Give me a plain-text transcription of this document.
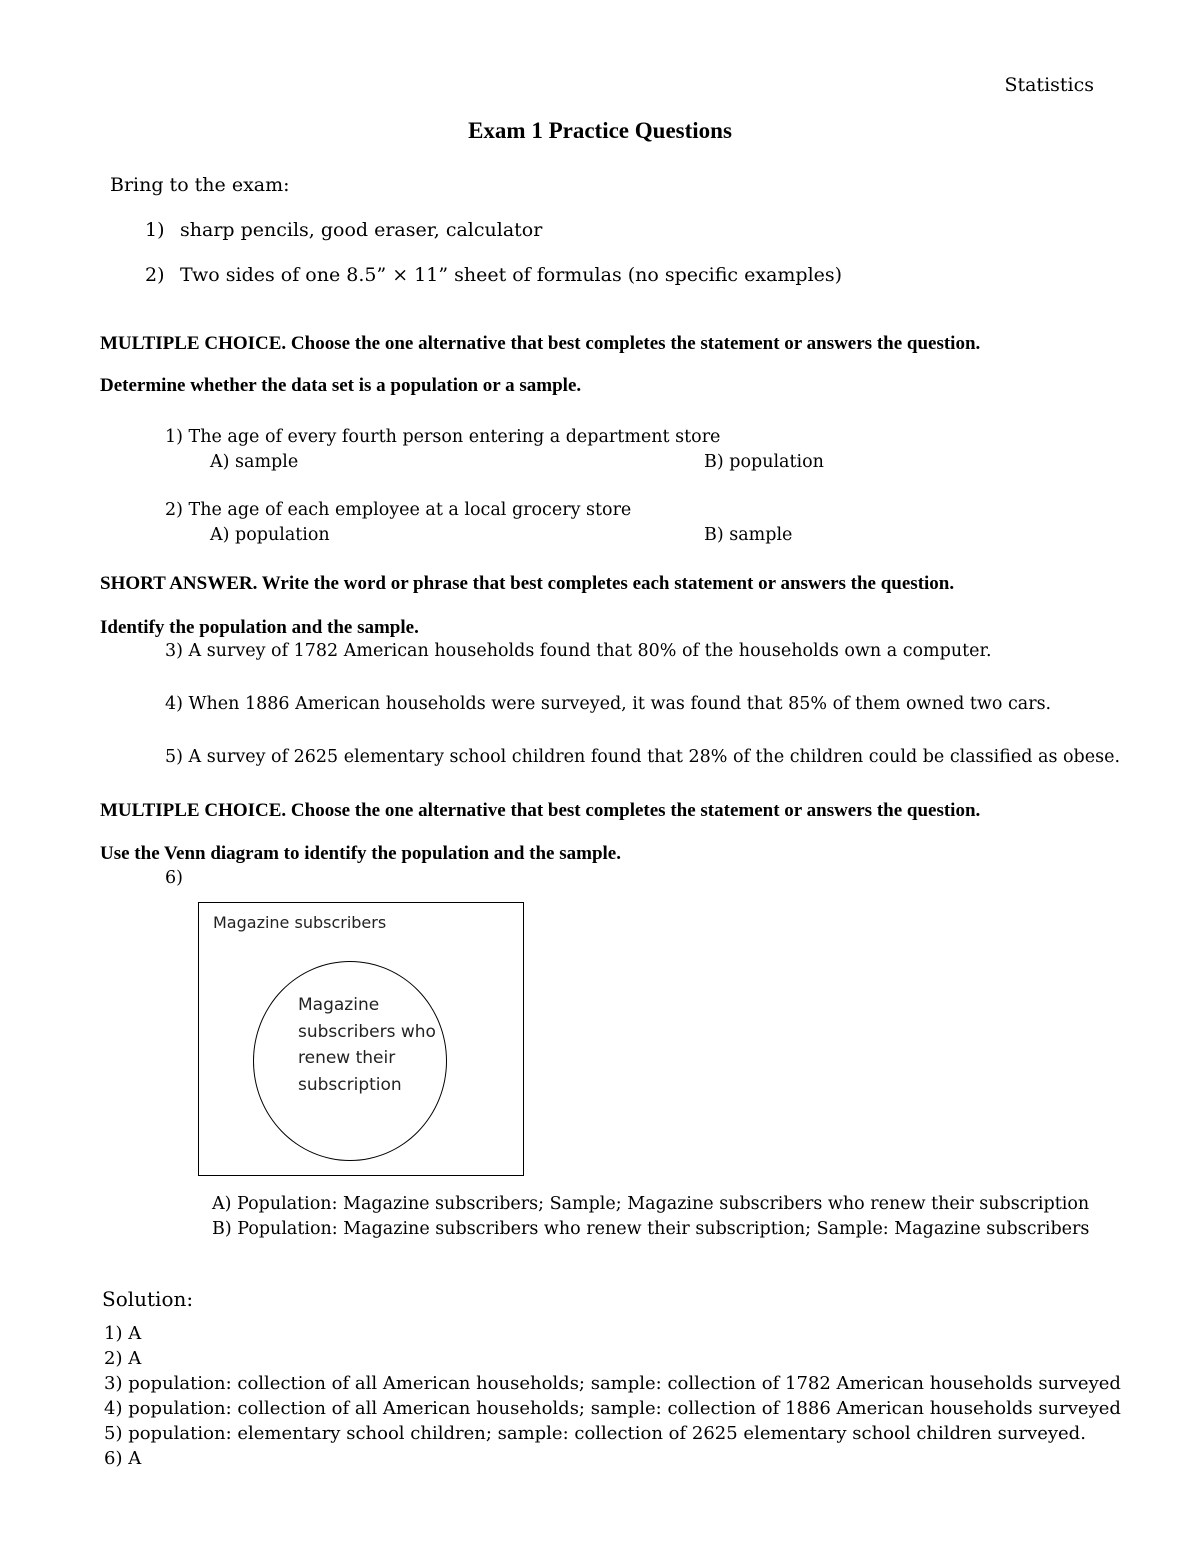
Statistics
Exam 1 Practice Questions
Bring to the exam:
1) sharp pencils, good eraser, calculator
2) Two sides of one 8.5” × 11” sheet of formulas (no specific examples)
MULTIPLE CHOICE. Choose the one alternative that best completes the statement or answers the question.
Determine whether the data set is a population or a sample.
1) The age of every fourth person entering a department store
A) sample	B) population
2) The age of each employee at a local grocery store
A) population	B) sample
SHORT ANSWER. Write the word or phrase that best completes each statement or answers the question.
Identify the population and the sample.
3) A survey of 1782 American households found that 80% of the households own a computer.
4) When 1886 American households were surveyed, it was found that 85% of them owned two cars.
5) A survey of 2625 elementary school children found that 28% of the children could be classified as obese.
MULTIPLE CHOICE. Choose the one alternative that best completes the statement or answers the question.
Use the Venn diagram to identify the population and the sample.
6)
Magazine subscribers
Magazine subscribers who renew their subscription
A) Population: Magazine subscribers; Sample; Magazine subscribers who renew their subscription
B) Population: Magazine subscribers who renew their subscription; Sample: Magazine subscribers
Solution:
1) A
2) A
3) population: collection of all American households; sample: collection of 1782 American households surveyed
4) population: collection of all American households; sample: collection of 1886 American households surveyed
5) population: elementary school children; sample: collection of 2625 elementary school children surveyed.
6) A
